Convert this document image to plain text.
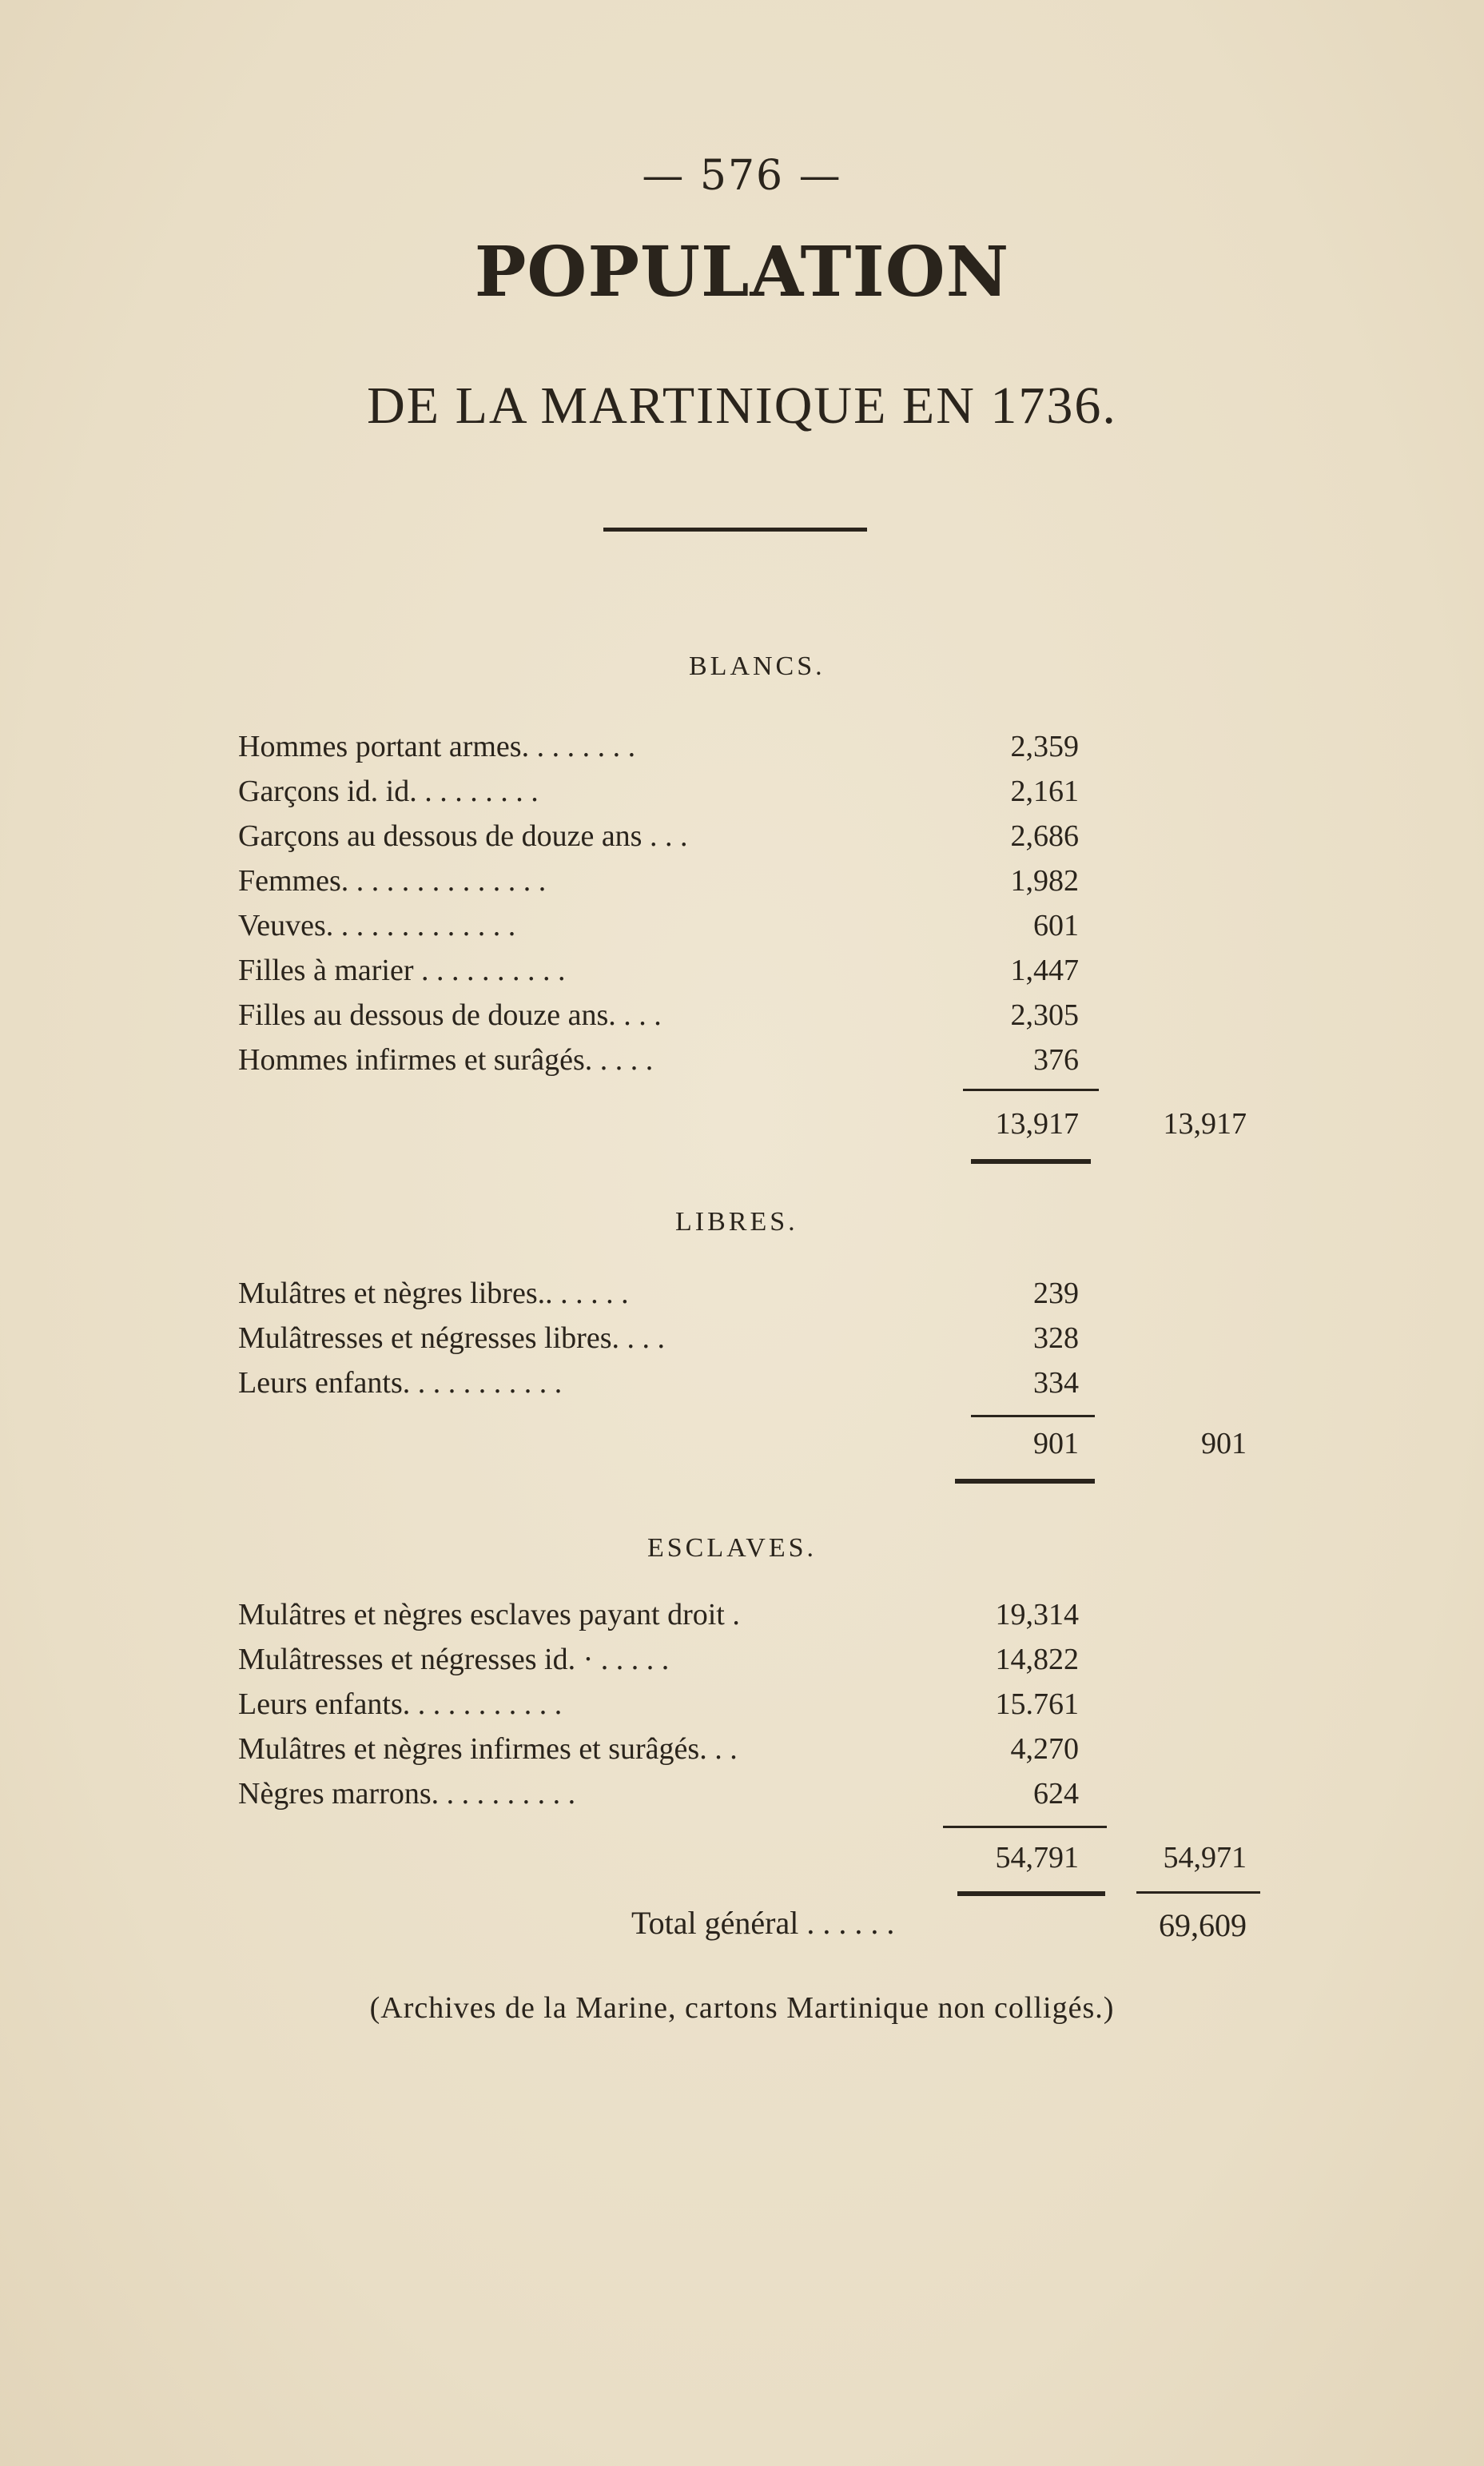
— 576 —
POPULATION
DE LA MARTINIQUE EN 1736.
BLANCS.
Hommes portant armes. . . . . . . .	2,359
Garçons id. id. . . . . . . . .	2,161
Garçons au dessous de douze ans . . .	2,686
Femmes. . . . . . . . . . . . . .	1,982
Veuves. . . . . . . . . . . . .	601
Filles à marier . . . . . . . . . .	1,447
Filles au dessous de douze ans. . . .	2,305
Hommes infirmes et surâgés. . . . .	376
13,917	13,917
LIBRES.
Mulâtres et nègres libres.. . . . . .	239
Mulâtresses et négresses libres. . . .	328
Leurs enfants. . . . . . . . . . .	334
901	901
ESCLAVES.
Mulâtres et nègres esclaves payant droit .	19,314
Mulâtresses et négresses id. · . . . . .	14,822
Leurs enfants. . . . . . . . . . .	15.761
Mulâtres et nègres infirmes et surâgés. . .	4,270
Nègres marrons. . . . . . . . . .	624
54,791	54,971
Total général . . . . . .	69,609
(Archives de la Marine, cartons Martinique non colligés.)
